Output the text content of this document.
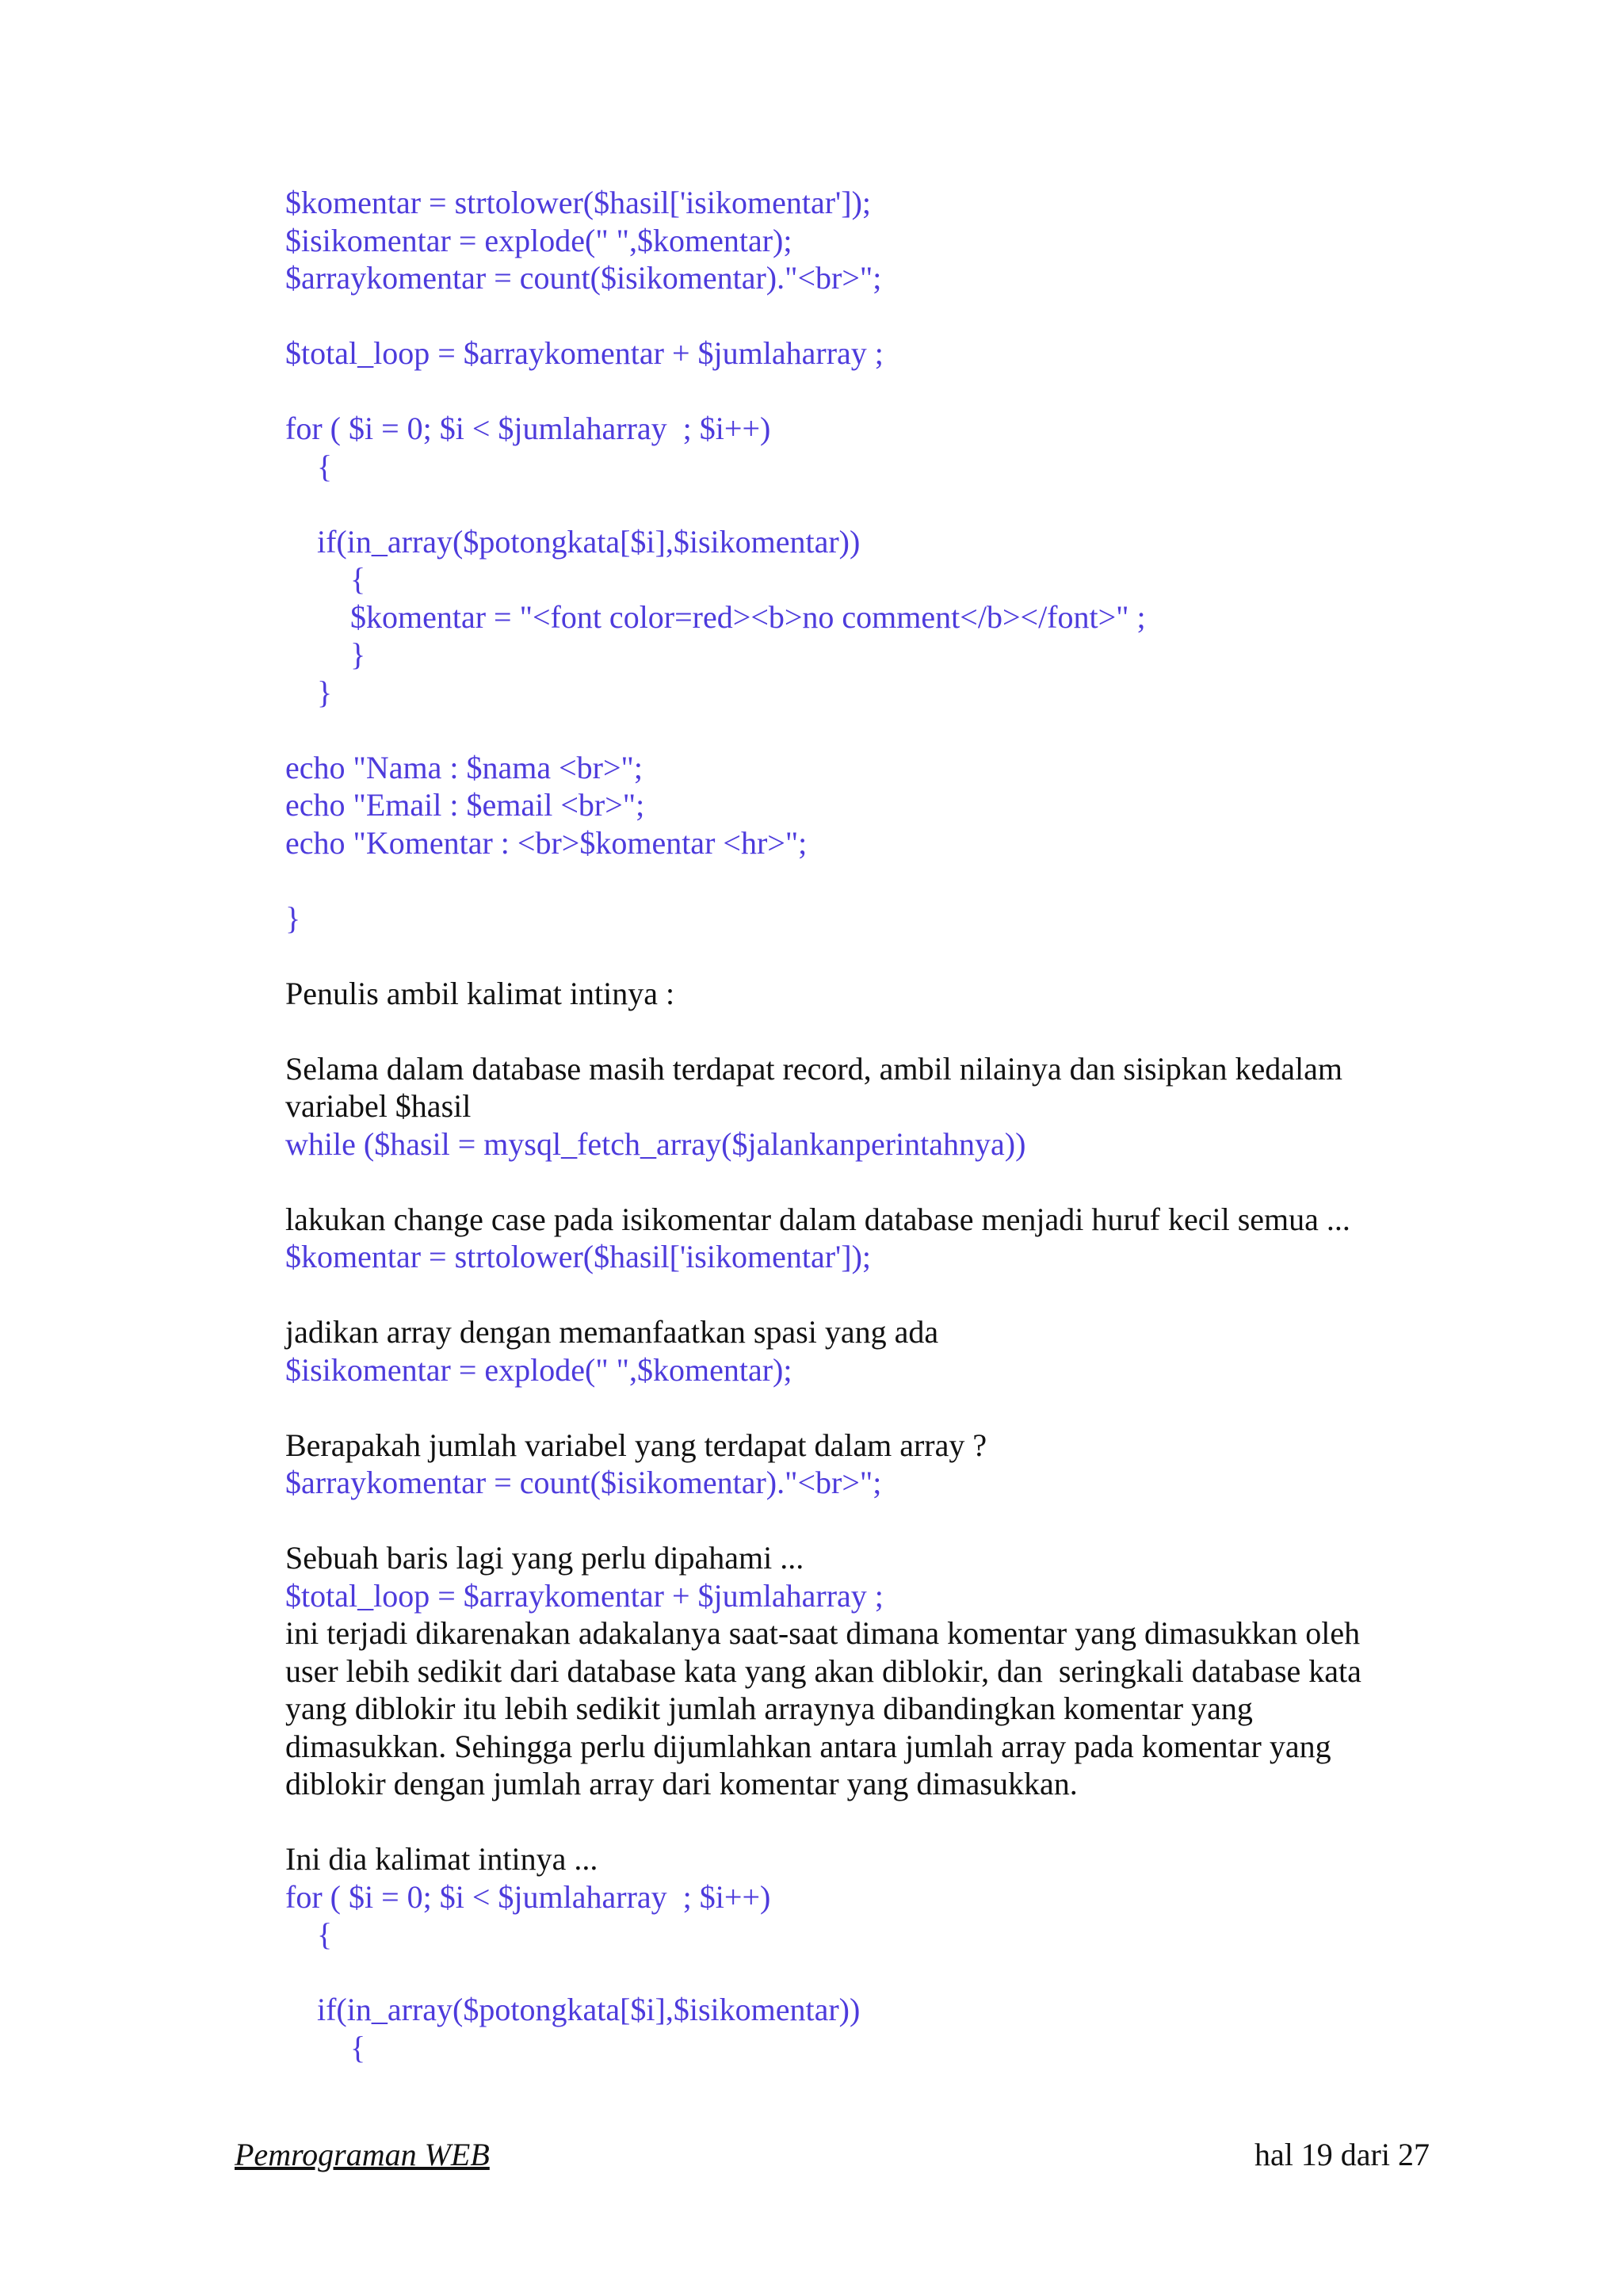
$komentar = strtolower($hasil['isikomentar']);
$isikomentar = explode(" ",$komentar);
$arraykomentar = count($isikomentar)."<br>";
$total_loop = $arraykomentar + $jumlaharray ;
for ( $i = 0; $i < $jumlaharray  ; $i++)
{
if(in_array($potongkata[$i],$isikomentar))
{
$komentar = "<font color=red><b>no comment</b></font>" ;
}
}
echo "Nama : $nama <br>";
echo "Email : $email <br>";
echo "Komentar : <br>$komentar <hr>";
}
Penulis ambil kalimat intinya :
Selama dalam database masih terdapat record, ambil nilainya dan sisipkan kedalam
variabel $hasil
while ($hasil = mysql_fetch_array($jalankanperintahnya))
lakukan change case pada isikomentar dalam database menjadi huruf kecil semua ...
$komentar = strtolower($hasil['isikomentar']);
jadikan array dengan memanfaatkan spasi yang ada
$isikomentar = explode(" ",$komentar);
Berapakah jumlah variabel yang terdapat dalam array ?
$arraykomentar = count($isikomentar)."<br>";
Sebuah baris lagi yang perlu dipahami ...
$total_loop = $arraykomentar + $jumlaharray ;
ini terjadi dikarenakan adakalanya saat-saat dimana komentar yang dimasukkan oleh
user lebih sedikit dari database kata yang akan diblokir, dan  seringkali database kata
yang diblokir itu lebih sedikit jumlah arraynya dibandingkan komentar yang
dimasukkan. Sehingga perlu dijumlahkan antara jumlah array pada komentar yang
diblokir dengan jumlah array dari komentar yang dimasukkan.
Ini dia kalimat intinya ...
for ( $i = 0; $i < $jumlaharray  ; $i++)
{
if(in_array($potongkata[$i],$isikomentar))
{
Pemrograman WEB	hal 19 dari 27
